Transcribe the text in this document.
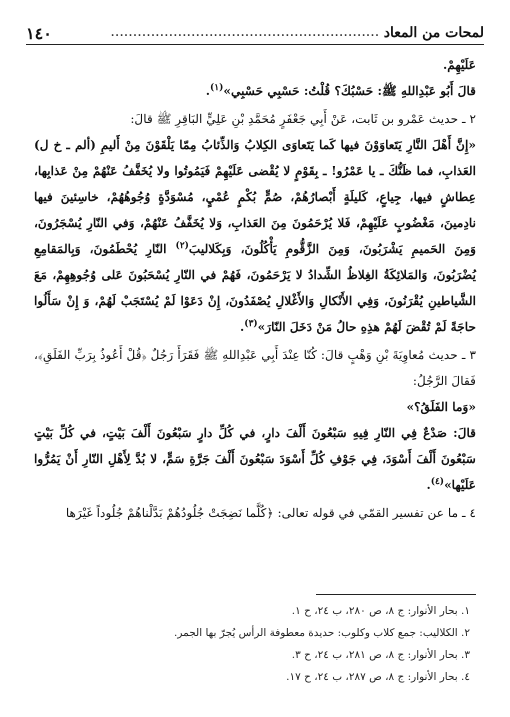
لمحات من المعاد
............................................................
١٤٠

عَلَيْهِمْ.

قالَ أَبُو عَبْدِاللهِ ﷺ: حَسْبُكَ؟ قُلْتُ: حَسْبِي حَسْبِي»$^{(١)}$.

٢ ـ حديث عَمْرو بن ثَابت، عَنْ أَبِي جَعْفَرٍ مُحَمَّدِ بْنِ عَلِيٍّ البَاقِرِ ﷺ قالَ:

«إِنَّ أَهْلَ النَّارِ يَتَعاوَوْنَ فيها كَما يَتَعاوَى الكِلابُ وَالذِّئابُ مِمّا يَلْقَوْنَ مِنْ أَليمِ (ألم ـ خ ل) العَذابِ، فما ظَنُّكَ ـ يا عَمْرُو! ـ بِقَوْمٍ لا يُقْضى عَلَيْهِمْ فَيَمُوتُوا ولا يُخَفَّفُ عَنْهُمْ مِنْ عَذابِها، عِطاشٍ فيها، جِياعٍ، كَليلَةٍ أَبْصارُهُمْ، صُمٍّ بُكْمٍ عُمْيٍ، مُسْوَدَّةٍ وُجُوهُهُمْ، خاسِئينَ فيها نادِمينَ، مَغْضُوبٍ عَلَيْهِمْ، فَلا يُرْحَمُونَ مِنَ العَذابِ، وَلا يُخَفَّفُ عَنْهُمْ، وَفي النّارِ يُسْجَرُونَ، وَمِنَ الحَميمِ يَشْرَبُونَ، وَمِنَ الزَّقُّومِ يَأْكُلُونَ، وَبِكَلاليبَ$^{(٢)}$ النّارِ يُحْطَمُونَ، وَبِالمَقامِعِ يُضْرَبُونَ، وَالمَلائِكَةُ الغِلاظُ الشِّدادُ لا يَرْحَمُونَ، فَهُمْ في النّارِ يُسْحَبُونَ عَلى وُجُوهِهِمْ، مَعَ الشَّياطينِ يُقْرَنُونَ، وَفِي الأَنْكالِ وَالأَغْلالِ يُصْفَدُونَ، إِنْ دَعَوْا لَمْ يُسْتَجَبْ لَهُمْ، وَ إِنْ سَأَلُوا حاجَةً لَمْ تُقْضَ لَهُمْ هذِهِ حالُ مَنْ دَخَلَ النّارَ»$^{(٣)}$.

٣ ـ حديث مُعاوِيَةَ بْنِ وَهْبٍ قالَ: كُنّا عِنْدَ أَبِي عَبْدِاللهِ ﷺ فَقَرَأَ رَجُلٌ ﴿قُلْ أَعُوذُ بِرَبِّ الفَلَقِ﴾، فَقالَ الرَّجُلُ:

«وَما الفَلَقُ؟»

قالَ: صَدْعٌ فِي النّارِ فِيهِ سَبْعُونَ أَلْفَ دارٍ، في كُلِّ دارٍ سَبْعُونَ أَلْفَ بَيْتٍ، في كُلِّ بَيْتٍ سَبْعُونَ أَلْفَ أَسْوَدَ، فِي جَوْفِ كُلِّ أَسْوَدَ سَبْعُونَ أَلْفَ جَرَّةِ سَمٍّ، لا بُدَّ لِأَهْلِ النّارِ أَنْ يَمُرُّوا عَلَيْها»$^{(٤)}$.

٤ ـ ما عن تفسير القمّي في قوله تعالى: ﴿كُلَّما نَضِجَتْ جُلُودُهُمْ بَدَّلْناهُمْ جُلُوداً غَيْرَها

١. بحار الأنوار: ج ٨، ص ٢٨٠، ب ٢٤، ح ١.
٢. الكلاليب: جمع كلاب وكلوب: حديدة معطوفة الرأس يُجرّ بها الجمر.
٣. بحار الأنوار: ج ٨، ص ٢٨١، ب ٢٤، ح ٣.
٤. بحار الأنوار: ج ٨، ص ٢٨٧، ب ٢٤، ح ١٧.
